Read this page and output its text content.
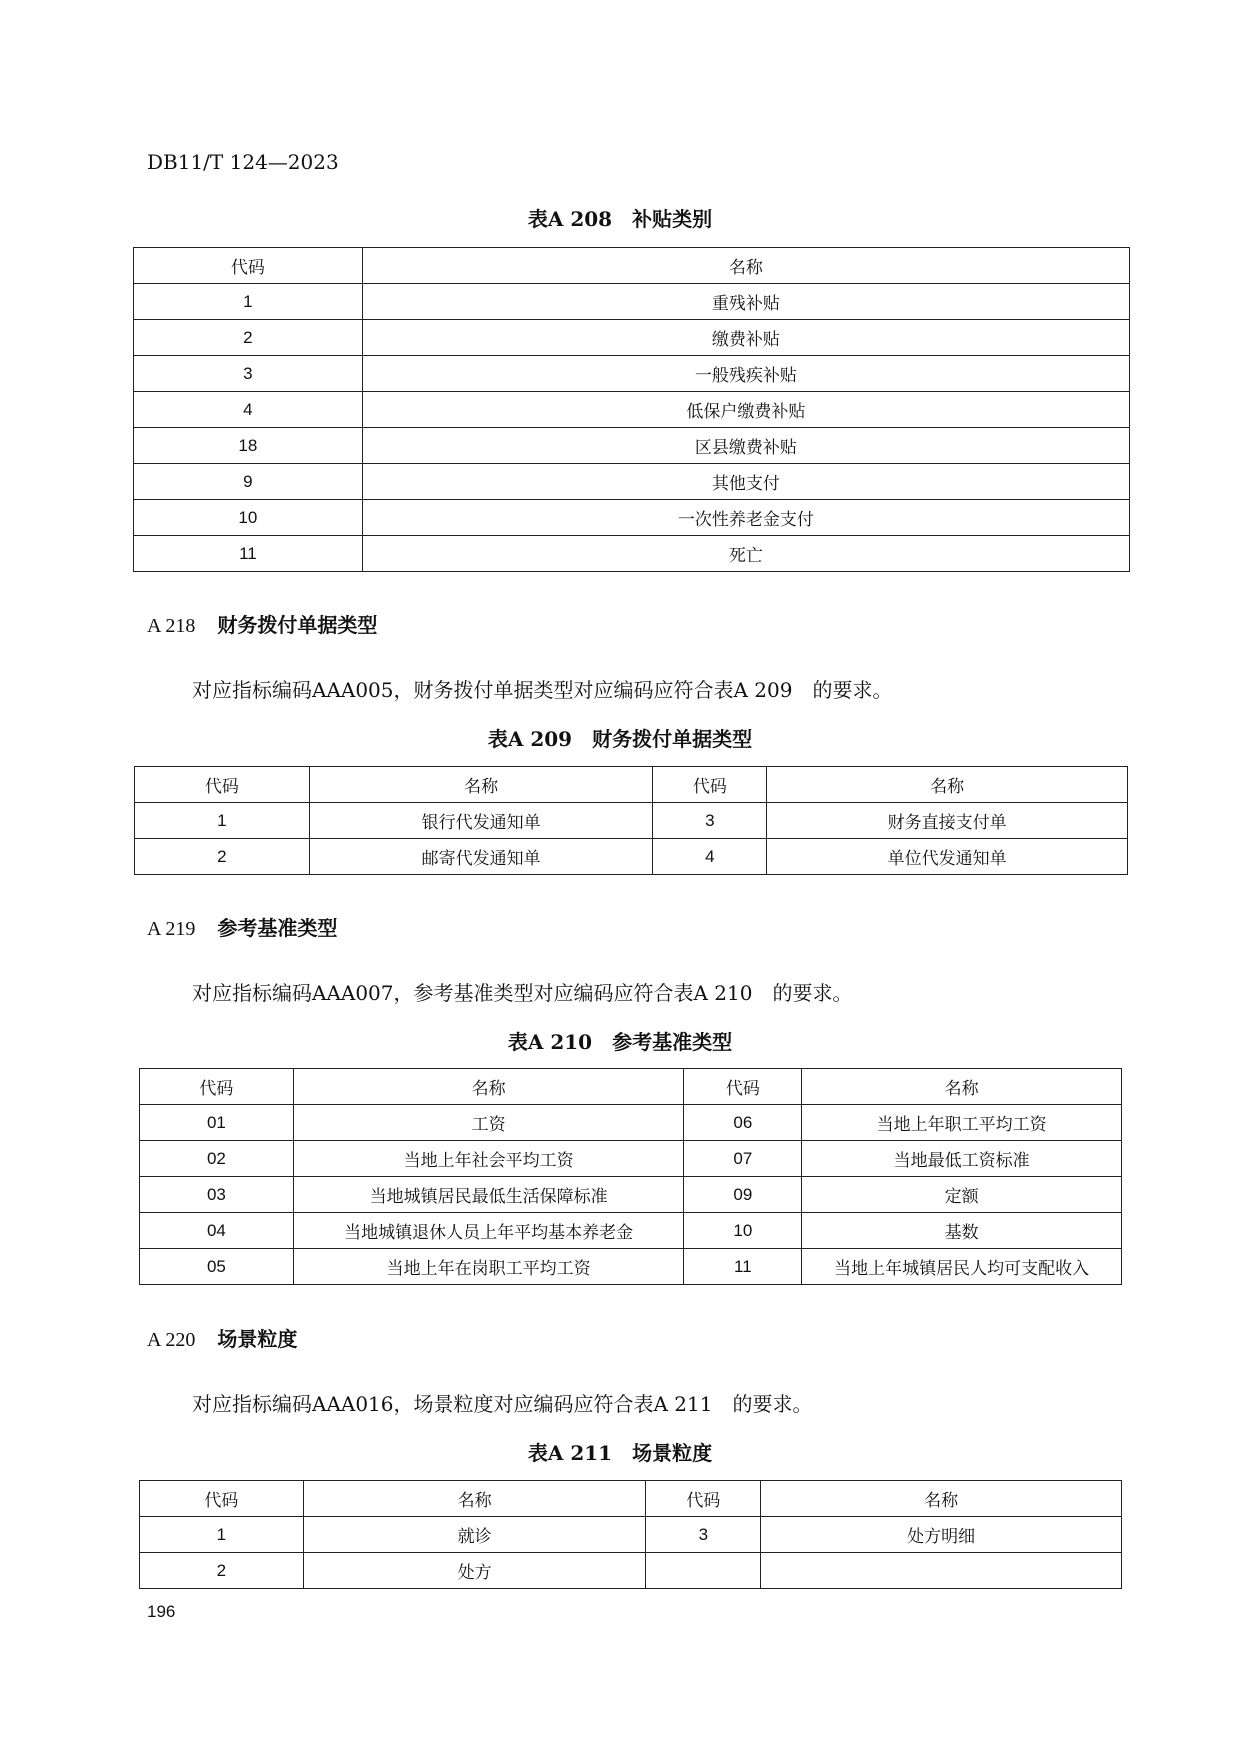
DB11/T 124—2023
表A 208　补贴类别
代码	名称
1	重残补贴
2	缴费补贴
3	一般残疾补贴
4	低保户缴费补贴
18	区县缴费补贴
9	其他支付
10	一次性养老金支付
11	死亡
A 218 财务拨付单据类型
对应指标编码AAA005，财务拨付单据类型对应编码应符合表A 209　的要求。
表A 209　财务拨付单据类型
代码	名称	代码	名称
1	银行代发通知单	3	财务直接支付单
2	邮寄代发通知单	4	单位代发通知单
A 219 参考基准类型
对应指标编码AAA007，参考基准类型对应编码应符合表A 210　的要求。
表A 210　参考基准类型
代码	名称	代码	名称
01	工资	06	当地上年职工平均工资
02	当地上年社会平均工资	07	当地最低工资标准
03	当地城镇居民最低生活保障标准	09	定额
04	当地城镇退休人员上年平均基本养老金	10	基数
05	当地上年在岗职工平均工资	11	当地上年城镇居民人均可支配收入
A 220 场景粒度
对应指标编码AAA016，场景粒度对应编码应符合表A 211　的要求。
表A 211　场景粒度
代码	名称	代码	名称
1	就诊	3	处方明细
2	处方		
196
